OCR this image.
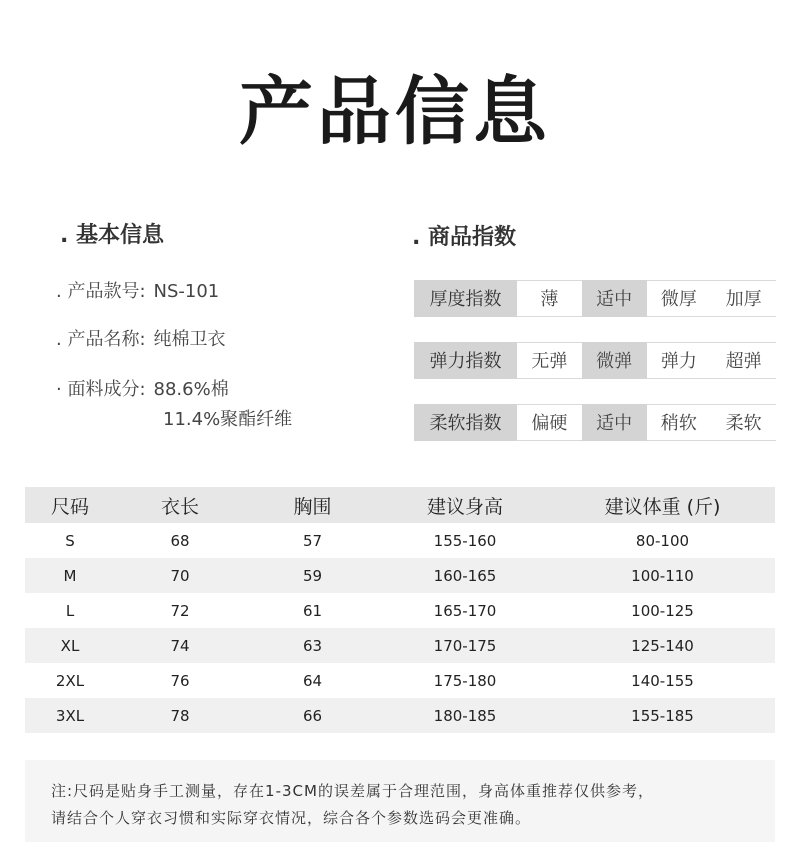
产品信息
. 基本信息	. 商品指数
. 产品款号: NS-101
. 产品名称: 纯棉卫衣
· 面料成分: 88.6%棉
11.4%聚酯纤维
厚度指数	薄	适中	微厚	加厚
弹力指数	无弹	微弹	弹力	超弹
柔软指数	偏硬	适中	稍软	柔软
尺码	衣长	胸围	建议身高	建议体重 (斤)
S	68	57	155-160	80-100
M	70	59	160-165	100-110
L	72	61	165-170	100-125
XL	74	63	170-175	125-140
2XL	76	64	175-180	140-155
3XL	78	66	180-185	155-185
注:尺码是贴身手工测量，存在1-3CM的误差属于合理范围，身高体重推荐仅供参考，
请结合个人穿衣习惯和实际穿衣情况，综合各个参数选码会更准确。
